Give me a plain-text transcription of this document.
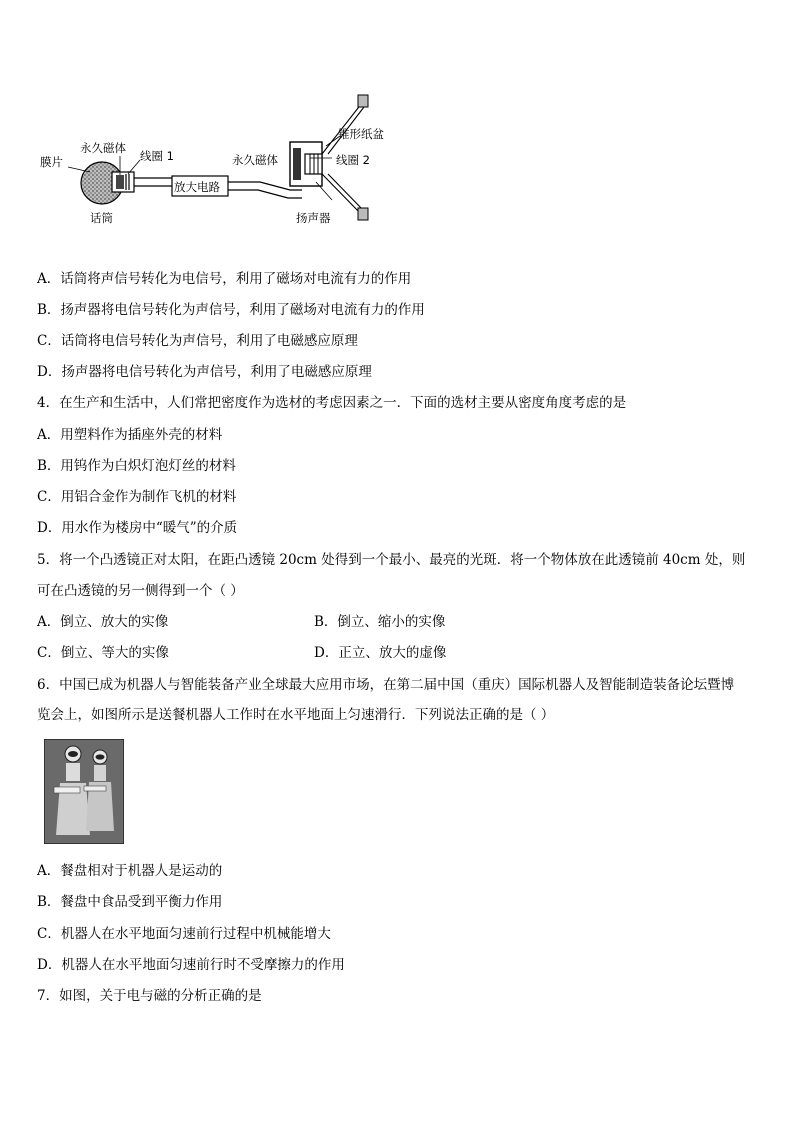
膜片
永久磁体
线圈 1
话筒
放大电路
永久磁体
锥形纸盆
线圈 2
扬声器
A．话筒将声信号转化为电信号，利用了磁场对电流有力的作用
B．扬声器将电信号转化为声信号，利用了磁场对电流有力的作用
C．话筒将电信号转化为声信号，利用了电磁感应原理
D．扬声器将电信号转化为声信号，利用了电磁感应原理
4．在生产和生活中，人们常把密度作为选材的考虑因素之一．下面的选材主要从密度角度考虑的是
A．用塑料作为插座外壳的材料
B．用钨作为白炽灯泡灯丝的材料
C．用铝合金作为制作飞机的材料
D．用水作为楼房中“暖气”的介质
5．将一个凸透镜正对太阳，在距凸透镜 20cm 处得到一个最小、最亮的光斑．将一个物体放在此透镜前 40cm 处，则
可在凸透镜的另一侧得到一个（ ）
A．倒立、放大的实像	B．倒立、缩小的实像
C．倒立、等大的实像	D．正立、放大的虚像
6．中国已成为机器人与智能装备产业全球最大应用市场，在第二届中国（重庆）国际机器人及智能制造装备论坛暨博
览会上，如图所示是送餐机器人工作时在水平地面上匀速滑行．下列说法正确的是（ ）
A．餐盘相对于机器人是运动的
B．餐盘中食品受到平衡力作用
C．机器人在水平地面匀速前行过程中机械能增大
D．机器人在水平地面匀速前行时不受摩擦力的作用
7．如图，关于电与磁的分析正确的是
